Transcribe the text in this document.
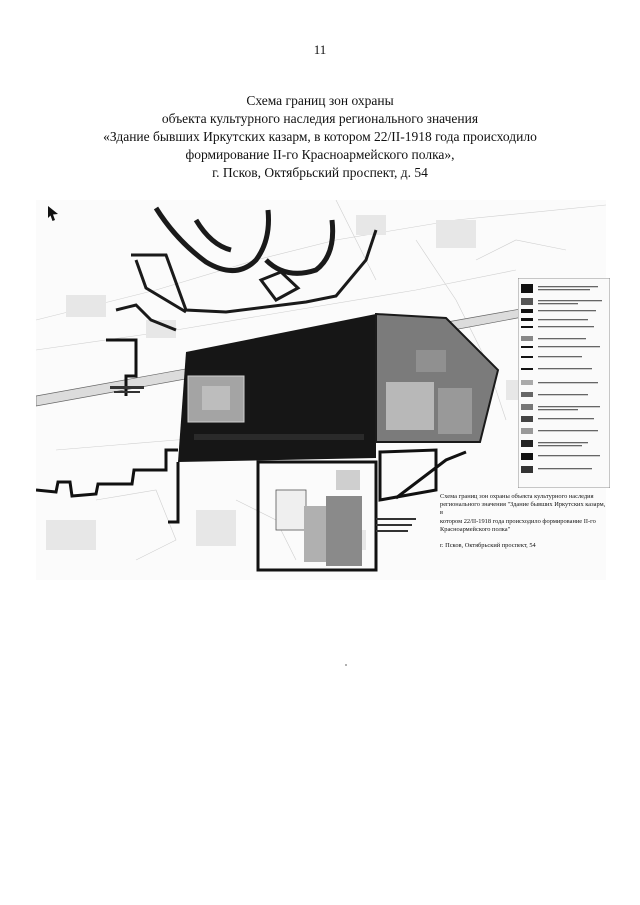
11
Схема границ зон охраны
объекта культурного наследия регионального значения
«Здание бывших Иркутских казарм, в котором 22/II-1918 года происходило
формирование II-го Красноармейского полка»,
г. Псков, Октябрьский проспект, д. 54
Схема границ зон охраны объекта культурного наследия
регионального значения "Здание бывших Иркутских казарм, в
котором 22/II-1918 года происходило формирование II-го
Красноармейского полка"
г. Псков, Октябрьский проспект, 54
